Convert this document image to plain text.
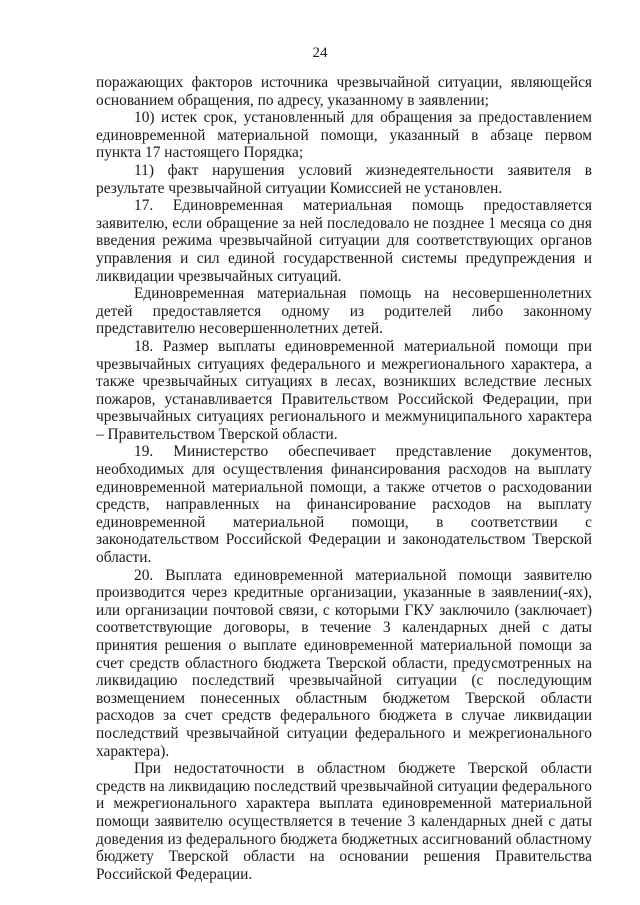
24

поражающих факторов источника чрезвычайной ситуации, являющейся основанием обращения, по адресу, указанному в заявлении;

10) истек срок, установленный для обращения за предоставлением единовременной материальной помощи, указанный в абзаце первом пункта 17 настоящего Порядка;

11) факт нарушения условий жизнедеятельности заявителя в результате чрезвычайной ситуации Комиссией не установлен.

17. Единовременная материальная помощь предоставляется заявителю, если обращение за ней последовало не позднее 1 месяца со дня введения режима чрезвычайной ситуации для соответствующих органов управления и сил единой государственной системы предупреждения и ликвидации чрезвычайных ситуаций.

Единовременная материальная помощь на несовершеннолетних детей предоставляется одному из родителей либо законному представителю несовершеннолетних детей.

18. Размер выплаты единовременной материальной помощи при чрезвычайных ситуациях федерального и межрегионального характера, а также чрезвычайных ситуациях в лесах, возникших вследствие лесных пожаров, устанавливается Правительством Российской Федерации, при чрезвычайных ситуациях регионального и межмуниципального характера – Правительством Тверской области.

19. Министерство обеспечивает представление документов, необходимых для осуществления финансирования расходов на выплату единовременной материальной помощи, а также отчетов о расходовании средств, направленных на финансирование расходов на выплату единовременной материальной помощи, в соответствии с законодательством Российской Федерации и законодательством Тверской области.

20. Выплата единовременной материальной помощи заявителю производится через кредитные организации, указанные в заявлении(-ях), или организации почтовой связи, с которыми ГКУ заключило (заключает) соответствующие договоры, в течение 3 календарных дней с даты принятия решения о выплате единовременной материальной помощи за счет средств областного бюджета Тверской области, предусмотренных на ликвидацию последствий чрезвычайной ситуации (с последующим возмещением понесенных областным бюджетом Тверской области расходов за счет средств федерального бюджета в случае ликвидации последствий чрезвычайной ситуации федерального и межрегионального характера).

При недостаточности в областном бюджете Тверской области средств на ликвидацию последствий чрезвычайной ситуации федерального и межрегионального характера выплата единовременной материальной помощи заявителю осуществляется в течение 3 календарных дней с даты доведения из федерального бюджета бюджетных ассигнований областному бюджету Тверской области на основании решения Правительства Российской Федерации.
